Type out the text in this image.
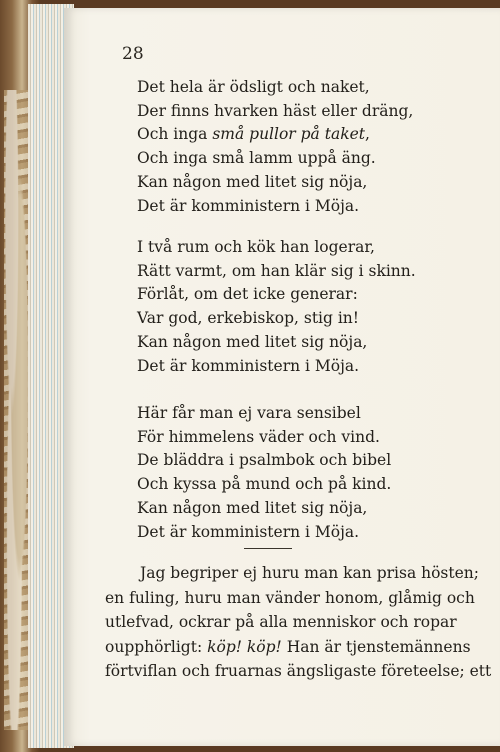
28

Det hela är ödsligt och naket,
Der finns hvarken häst eller dräng,
Och inga små pullor på taket,
Och inga små lamm uppå äng.
Kan någon med litet sig nöja,
Det är komministern i Möja.

I två rum och kök han logerar,
Rätt varmt, om han klär sig i skinn.
Förlåt, om det icke generar:
Var god, erkebiskop, stig in!
Kan någon med litet sig nöja,
Det är komministern i Möja.

Här får man ej vara sensibel
För himmelens väder och vind.
De bläddra i psalmbok och bibel
Och kyssa på mund och på kind.
Kan någon med litet sig nöja,
Det är komministern i Möja.

Jag begriper ej huru man kan prisa hösten;
en fuling, huru man vänder honom, glåmig och
utlefvad, ockrar på alla menniskor och ropar
oupphörligt: köp! köp! Han är tjenstemännens
förtviflan och fruarnas ängsligaste företeelse; ett
